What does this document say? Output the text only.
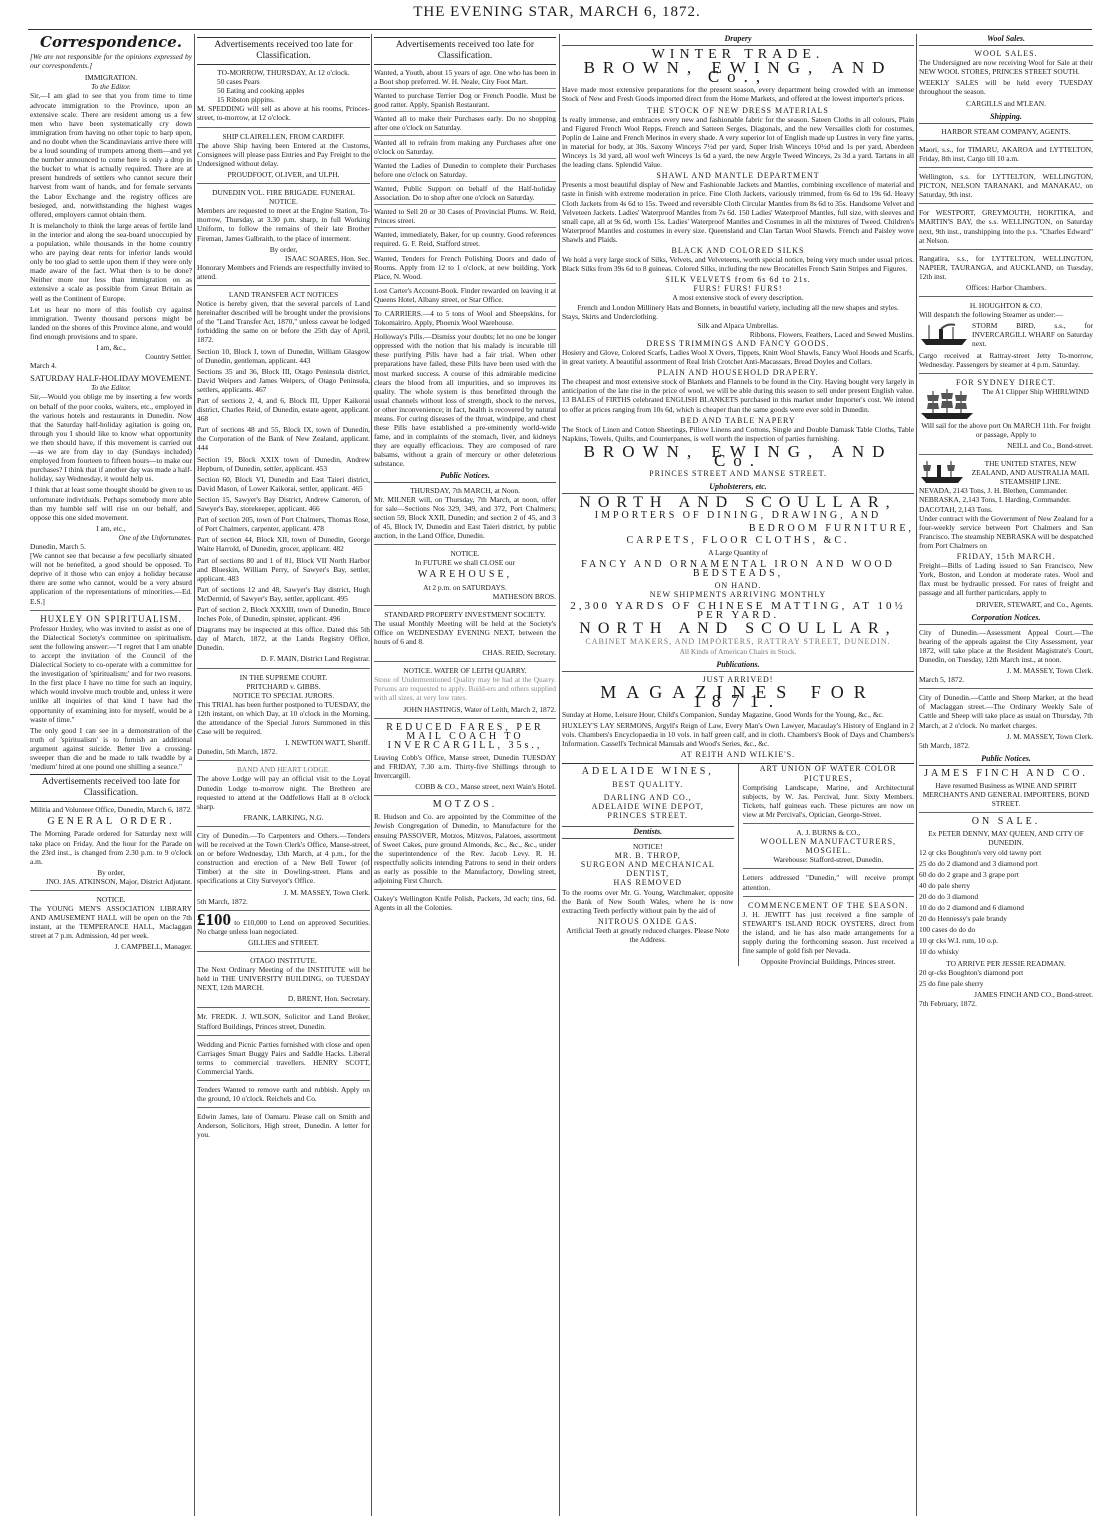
THE EVENING STAR, MARCH 6, 1872.
Correspondence.

[We are not responsible for the opinions expressed by our correspondents.]

IMMIGRATION.
To the Editor.

Sir,—I am glad to see that you from time to time advocate immigration to the Province, upon an extensive scale. There are resident among us a few men who have been systematically cry down immigration from having no other topic to harp upon, and no doubt when the Scandinavians arrive there will be a loud sounding of trumpets among them—and yet the number announced to come here is only a drop in the bucket to what is actually required. There are at present hundreds of settlers who cannot secure their harvest from want of hands, and for female servants the Labor Exchange and the registry offices are besieged, and, notwithstanding the highest wages offered, employers cannot obtain them.

It is melancholy to think the large areas of fertile land in the interior and along the sea-board unoccupied by a population, while thousands in the home country who are paying dear rents for inferior lands would only be too glad to settle upon them if they were only made aware of the fact. What then is to be done? Neither more nor less than immigration on as extensive a scale as possible from Great Britain as well as the Continent of Europe.

Let us hear no more of this foolish cry against immigration. Twenty thousand persons might be landed on the shores of this Province alone, and would find enough provisions and to spare.

I am, &c.,
Country Settler.
March 4.
SATURDAY HALF-HOLIDAY MOVEMENT.
To the Editor.

Sir,—Would you oblige me by inserting a few words on behalf of the poor cooks, waiters, etc., employed in the various hotels and restaurants in Dunedin. Now that the Saturday half-holiday agitation is going on, through you I should like to know what opportunity we then should have, if this movement is carried out—as we are from day to day (Sundays included) employed from fourteen to fifteen hours—to make our purchases? I think that if another day was made a half-holiday, say Wednesday, it would help us.

I think that at least some thought should be given to us unfortunate individuals. Perhaps somebody more able than my humble self will rise on our behalf, and oppose this one sided movement.

I am, etc.,
One of the Unfortunates.
Dunedin, March 5.

[We cannot see that because a few peculiarly situated will not be benefited, a good should be opposed. To deprive of it those who can enjoy a holiday because there are some who cannot, would be a very absurd application of the representations of minorities.—Ed. E.S.]

HUXLEY ON SPIRITUALISM.

Professor Huxley, who was invited to assist as one of the Dialectical Society's committee on spiritualism, sent the following answer:—"I regret that I am unable to accept the invitation of the Council of the Dialectical Society to co-operate with a committee for the investigation of 'spiritualism;' and for two reasons. In the first place I have no time for such an inquiry, which would involve much trouble and, unless it were unlike all inquiries of that kind I have had the opportunity of examining into for myself, would be a waste of time."

The only good I can see in a demonstration of the truth of 'spiritualism' is to furnish an additional argument against suicide. Better live a crossing-sweeper than die and be made to talk twaddle by a 'medium' hired at one pound one shilling a seance."

Advertisements received too late for Classification.
Militia and Volunteer Office, Dunedin, March 6, 1872.
GENERAL ORDER.

The Morning Parade ordered for Saturday next will take place on Friday. And the hour for the Parade on the 23rd inst., is changed from 2.30 p.m. to 9 o'clock a.m.

By order,
JNO. JAS. ATKINSON, Major, District Adjutant.
NOTICE.

The YOUNG MEN'S ASSOCIATION LIBRARY AND AMUSEMENT HALL will be open on the 7th instant, at the TEMPERANCE HALL, Maclaggan street at 7 p.m. Admission, 4d per week.

J. CAMPBELL, Manager.
Advertisements received too late for Classification.
TO-MORROW, THURSDAY, At 12 o'clock.
50 cases Pears
50 Eating and cooking apples
15 Ribston pippins.

M. SPEDDING will sell as above at his rooms, Princes-street, to-morrow, at 12 o'clock.

SHIP CLAIRELLEN, FROM CARDIFF.

The above Ship having been Entered at the Customs, Consignees will please pass Entries and Pay Freight to the Undersigned without delay.

PROUDFOOT, OLIVER, and ULPH.
DUNEDIN VOL. FIRE BRIGADE. FUNERAL NOTICE.

Members are requested to meet at the Engine Station, To-morrow, Thursday, at 3.30 p.m. sharp, in full Working Uniform, to follow the remains of their late Brother Fireman, James Galbraith, to the place of interment.

By order,
ISAAC SOARES, Hon. Sec.

Honorary Members and Friends are respectfully invited to attend.

LAND TRANSFER ACT NOTICES

Notice is hereby given, that the several parcels of Land hereinafter described will be brought under the provisions of the "Land Transfer Act, 1870," unless caveat be lodged forbidding the same on or before the 25th day of April, 1872.

Section 10, Block I, town of Dunedin, William Glasgow of Dunedin, gentleman, applicant. 443

Sections 35 and 36, Block III, Otago Peninsula district, David Weipers and James Weipers, of Otago Peninsula, settlers, applicants. 467

Part of sections 2, 4, and 6, Block III, Upper Kaikorai district, Charles Reid, of Dunedin, estate agent, applicant. 468

Part of sections 48 and 55, Block IX, town of Dunedin, the Corporation of the Bank of New Zealand, applicant. 444

Section 19, Block XXIX town of Dunedin, Andrew Hepburn, of Dunedin, settler, applicant. 453

Section 60, Block VI, Dunedin and East Taieri district, David Mason, of Lower Kaikorai, settler, applicant. 465

Section 15, Sawyer's Bay District, Andrew Cameron, of Sawyer's Bay, storekeeper, applicant. 466

Part of section 205, town of Port Chalmers, Thomas Rose, of Port Chalmers, carpenter, applicant. 478

Part of section 44, Block XII, town of Dunedin, George Waite Harrold, of Dunedin, grocer, applicant. 482

Part of sections 80 and 1 of 81, Block VII North Harbor and Blueskin, William Perry, of Sawyer's Bay, settler, applicant. 483

Part of sections 12 and 48, Sawyer's Bay district, Hugh McDermid, of Sawyer's Bay, settler, applicant. 495

Part of section 2, Block XXXIII, town of Dunedin, Bruce Inches Pole, of Dunedin, spinster, applicant. 496

Diagrams may be inspected at this office. Dated this 5th day of March, 1872, at the Lands Registry Office, Dunedin.

D. F. MAIN, District Land Registrar.
IN THE SUPREME COURT.
PRITCHARD v. GIBBS.
NOTICE TO SPECIAL JURORS.

This TRIAL has been further postponed to TUESDAY, the 12th instant, on which Day, at 10 o'clock in the Morning, the attendance of the Special Jurors Summoned in this Case will be required.

I. NEWTON WATT, Sheriff.
Dunedin, 5th March, 1872.
BAND AND HEART LODGE.

The above Lodge will pay an official visit to the Loyal Dunedin Lodge to-morrow night. The Brethren are requested to attend at the Oddfellows Hall at 8 o'clock sharp.

FRANK, LARKING, N.G.

City of Dunedin.—To Carpenters and Others.—Tenders will be received at the Town Clerk's Office, Manse-street, on or before Wednesday, 13th March, at 4 p.m., for the construction and erection of a New Bell Tower (of Timber) at the site in Dowling-street. Plans and specifications at City Surveyor's Office.

J. M. MASSEY, Town Clerk.
5th March, 1872.

£100 to £10,000 to Lend on approved Securities. No charge unless loan negociated.

GILLIES and STREET.
OTAGO INSTITUTE.

The Next Ordinary Meeting of the INSTITUTE will be held in THE UNIVERSITY BUILDING, on TUESDAY NEXT, 12th MARCH.

D. BRENT, Hon. Secretary.

Mr. FREDK. J. WILSON, Solicitor and Land Broker, Stafford Buildings, Princes street, Dunedin.

Wedding and Picnic Parties furnished with close and open Carriages Smart Buggy Pairs and Saddle Hacks. Liberal terms to commercial travellers. HENRY SCOTT, Commercial Yards.

Tenders Wanted to remove earth and rubbish. Apply on the ground, 10 o'clock. Reichels and Co.

Edwin James, late of Oamaru. Please call on Smith and Anderson, Solicitors, High street, Dunedin. A letter for you.

Advertisements received too late for Classification.

Wanted, a Youth, about 15 years of age. One who has been in a Boot shop preferred. W. H. Neale, City Foot Mart.

Wanted to purchase Terrier Dog or French Poodle. Must be good ratter. Apply, Spanish Restaurant.

Wanted all to make their Purchases early. Do no shopping after one o'clock on Saturday.

Wanted all to refrain from making any Purchases after one o'clock on Saturday.

Wanted the Ladies of Dunedin to complete their Purchases before one o'clock on Saturday.

Wanted, Public Support on behalf of the Half-holiday Association. Do to shop after one o'clock on Saturday.

Wanted to Sell 20 or 30 Cases of Provincial Plums. W. Reid, Princes street.

Wanted, immediately, Baker, for up country. Good references required. G. F. Reid, Stafford street.

Wanted, Tenders for French Polishing Doors and dado of Rooms. Apply from 12 to 1 o'clock, at new building, York Place, N. Wood.

Lost Carter's Account-Book. Finder rewarded on leaving it at Queens Hotel, Albany street, or Star Office.

To CARRIERS.—4 to 5 tons of Wool and Sheepskins, for Tokomairiro. Apply, Phoenix Wool Warehouse.

Holloway's Pills.—Dismiss your doubts; let no one be longer oppressed with the notion that his malady is incurable till these purifying Pills have had a fair trial. When other preparations have failed, these Pills have been used with the most marked success. A course of this admirable medicine clears the blood from all impurities, and so improves its quality. The whole system is thus benefitted through the usual channels without loss of strength, shock to the nerves, or other inconvenience; in fact, health is recovered by natural means. For curing diseases of the throat, windpipe, and chest these Pills have established a pre-eminently world-wide fame, and in complaints of the stomach, liver, and kidneys they are equally efficacious. They are composed of rare balsams, without a grain of mercury or other deleterious substance.

Public Notices.
THURSDAY, 7th MARCH, at Noon.

Mr. MILNER will, on Thursday, 7th March, at noon, offer for sale—Sections Nos 329, 349, and 372, Port Chalmers; section 59, Block XXII, Dunedin; and section 2 of 45, and 3 of 45, Block IV, Dunedin and East Taieri district, by public auction, in the Land Office, Dunedin.

NOTICE.
In FUTURE we shall CLOSE our
WAREHOUSE,
At 2 p.m. on SATURDAYS.
MATHESON BROS.
STANDARD PROPERTY INVESTMENT SOCIETY.

The usual Monthly Meeting will be held at the Society's Office on WEDNESDAY EVENING NEXT, between the hours of 6 and 8.

CHAS. REID, Secretary.
NOTICE. WATER OF LEITH QUARRY.

Stone of Undermentioned Quality may be had at the Quarry. Persons are requested to apply. Build-ers and others supplied with all sizes, at very low rates.

JOHN HASTINGS, Water of Leith, March 2, 1872.
REDUCED FARES, PER MAIL COACH TO INVERCARGILL, 35s.,

Leaving Cobb's Office, Manse street, Dunedin TUESDAY and FRIDAY, 7.30 a.m. Thirty-five Shillings through to Invercargill.

COBB & CO., Manse street, next Wain's Hotel.
MOTZOS.

R. Hudson and Co. are appointed by the Committee of the Jewish Congregation of Dunedin, to Manufacture for the ensuing PASSOVER, Motzos, Mitzvos, Palatoes, assortment of Sweet Cakes, pure ground Almonds, &c., &c., &c., under the superintendence of the Rev. Jacob Levy. R. H. respectfully solicits intending Patrons to send in their orders as early as possible to the Manufactory, Dowling street, adjoining First Church.

Oakey's Wellington Knife Polish, Packets, 3d each; tins, 6d. Agents in all the Colonies.

Drapery
WINTER TRADE.
BROWN, EWING, AND Co.,

Have made most extensive preparations for the present season, every department being crowded with an immense Stock of New and Fresh Goods imported direct from the Home Markets, and offered at the lowest importer's prices.

THE STOCK OF NEW DRESS MATERIALS

Is really immense, and embraces every new and fashionable fabric for the season. Sateen Cloths in all colours, Plain and Figured French Wool Repps, French and Satteen Serges, Diagonals, and the new Versailles cloth for costumes, Poplin de Laine and French Merinos in every shade. A very superior lot of English made up Lustres in very fine yarns, in material for body, at 30s. Saxony Winceys 7½d per yard, Super Irish Winceys 10½d and 1s per yard, Aberdeen Winceys 1s 3d yard, all wool weft Winceys 1s 6d a yard, the new Argyle Tweed Winceys, 2s 3d a yard. Tartans in all the leading clans. Splendid Value.

SHAWL AND MANTLE DEPARTMENT

Presents a most beautiful display of New and Fashionable Jackets and Mantles, combining excellence of material and taste in finish with extreme moderation in price. Fine Cloth Jackets, variously trimmed, from 6s 6d to 19s 6d. Heavy Cloth Jackets from 4s 6d to 15s. Tweed and reversible Cloth Circular Mantles from 8s 6d to 35s. Handsome Velvet and Velveteen Jackets. Ladies' Waterproof Mantles from 7s 6d. 150 Ladies' Waterproof Mantles, full size, with sleeves and small cape, all at 9s 6d, worth 15s. Ladies' Waterproof Mantles and Costumes in all the mixtures of Tweed. Children's Waterproof Mantles and costumes in every size. Queensland and Clan Tartan Wool Shawls. French and Paisley wove Shawls and Plaids.

BLACK AND COLORED SILKS

We hold a very large stock of Silks, Velvets, and Velveteens, worth special notice, being very much under usual prices. Black Silks from 39s 6d to 8 guineas. Colored Silks, including the new Brocatelles French Satin Stripes and Figures.

SILK VELVETS from 6s 6d to 21s.
FURS! FURS! FURS!
A most extensive stock of every description.
French and London Millinery Hats and Bonnets, in beautiful variety, including all the new shapes and styles.
Stays, Skirts and Underclothing.
Silk and Alpaca Umbrellas.
Ribbons, Flowers, Feathers, Laced and Sewed Muslins.
DRESS TRIMMINGS AND FANCY GOODS.

Hosiery and Glove, Colored Scarfs, Ladies Wool X Overs, Tippets, Knitt Wool Shawls, Fancy Wool Hoods and Scarfs, in great variety. A beautiful assortment of Real Irish Crotchet Anti-Macassars, Bread Doyles and Collars.

PLAIN AND HOUSEHOLD DRAPERY.

The cheapest and most extensive stock of Blankets and Flannels to be found in the City. Having bought very largely in anticipation of the late rise in the price of wool, we will be able during this season to sell under present English value. 13 BALES of FIRTHS celebrated ENGLISH BLANKETS purchased in this market under Importer's cost. We intend to offer at prices ranging from 10s 6d, which is cheaper than the same goods were ever sold in Dunedin.

BED AND TABLE NAPERY

The Stock of Linen and Cotton Sheetings, Pillow Linens and Cottons, Single and Double Damask Table Cloths, Table Napkins, Towels, Quilts, and Counterpanes, is well worth the inspection of parties furnishing.

BROWN, EWING, AND Co.
PRINCES STREET AND MANSE STREET.
Upholsterers, etc.
NORTH AND SCOULLAR,
IMPORTERS OF DINING, DRAWING, AND
BEDROOM FURNITURE,
CARPETS, FLOOR CLOTHS, &C.
A Large Quantity of
FANCY AND ORNAMENTAL IRON AND WOOD BEDSTEADS,
ON HAND.
NEW SHIPMENTS ARRIVING MONTHLY
2,300 YARDS OF CHINESE MATTING, AT 10½ PER YARD.
NORTH AND SCOULLAR,
CABINET MAKERS, AND IMPORTERS, RATTRAY STREET, DUNEDIN.
All Kinds of American Chairs in Stock.
Publications.
JUST ARRIVED!
MAGAZINES FOR 1871.

Sunday at Home, Leisure Hour, Child's Companion, Sunday Magazine, Good Words for the Young, &c., &c.

HUXLEY'S LAY SERMONS, Argyll's Reign of Law, Every Man's Own Lawyer, Macaulay's History of England in 2 vols. Chambers's Encyclopaedia in 10 vols. in half green calf, and in cloth. Chambers's Book of Days and Chambers's Information. Cassell's Technical Manuals and Wood's Series, &c., &c.

AT REITH AND WILKIE'S.
ADELAIDE WINES,
BEST QUALITY.
DARLING AND CO.,
ADELAIDE WINE DEPOT,
PRINCES STREET.
Dentists.
NOTICE!
MR. B. THROP,
SURGEON AND MECHANICAL DENTIST,
HAS REMOVED

To the rooms over Mr. G. Young, Watchmaker, opposite the Bank of New South Wales, where he is now extracting Teeth perfectly without pain by the aid of

NITROUS OXIDE GAS.
Artificial Teeth at greatly reduced charges. Please Note the Address.
ART UNION OF WATER COLOR PICTURES,

Comprising Landscape, Marine, and Architectural subjects, by W. Jas. Percival, Junr. Sixty Members. Tickets, half guineas each. These pictures are now on view at Mr Percival's, Optician, George-Street.

A. J. BURNS & CO.,
WOOLLEN MANUFACTURERS, MOSGIEL.
Warehouse: Stafford-street, Dunedin.

Letters addressed "Dunedin," will receive prompt attention.

COMMENCEMENT OF THE SEASON.

J. H. JEWITT has just received a fine sample of STEWART'S ISLAND ROCK OYSTERS, direct from the island, and he has also made arrangements for a supply during the forthcoming season. Just received a fine sample of gold fish per Nevada.

Opposite Provincial Buildings, Princes street.
Wool Sales.
WOOL SALES.

The Undersigned are now receiving Wool for Sale at their NEW WOOL STORES, PRINCES STREET SOUTH.

WEEKLY SALES will be held every TUESDAY throughout the season.

CARGILLS and M'LEAN.
Shipping.
HARBOR STEAM COMPANY, AGENTS.

Maori, s.s., for TIMARU, AKAROA and LYTTELTON, Friday, 8th inst, Cargo till 10 a.m.

Wellington, s.s. for LYTTELTON, WELLINGTON, PICTON, NELSON TARANAKI, and MANAKAU, on Saturday, 9th inst.

For WESTPORT, GREYMOUTH, HOKITIKA, and MARTIN'S BAY, the s.s. WELLINGTON, on Saturday next, 9th inst., transhipping into the p.s. "Charles Edward" at Nelson.

Rangatira, s.s., for LYTTELTON, WELLINGTON, NAPIER, TAURANGA, and AUCKLAND, on Tuesday, 12th inst.

Offices: Harbor Chambers.
H. HOUGHTON & CO.

Will despatch the following Steamer as under:—

STORM BIRD, s.s., for INVERCARGILL WHARF on Saturday next.

Cargo received at Rattray-street Jetty To-morrow, Wednesday. Passengers by steamer at 4 p.m. Saturday.

FOR SYDNEY DIRECT.
The A1 Clipper Ship WHIRLWIND

Will sail for the above port On MARCH 11th. For freight or passage, Apply to

NEILL and Co., Bond-street.
THE UNITED STATES, NEW ZEALAND, AND AUSTRALIA MAIL STEAMSHIP LINE.
NEVADA, 2143 Tons, J. H. Blethen, Commander.
NEBRASKA, 2,143 Tons, I. Harding, Commander.
DACOTAH, 2,143 Tons.

Under contract with the Government of New Zealand for a four-weekly service between Port Chalmers and San Francisco. The steamship NEBRASKA will be despatched from Port Chalmers on

FRIDAY, 15th MARCH.

Freight—Bills of Lading issued to San Francisco, New York, Boston, and London at moderate rates. Wool and flax must be hydraulic pressed. For rates of freight and passage and all further particulars, apply to

DRIVER, STEWART, and Co., Agents.
Corporation Notices.

City of Dunedin.—Assessment Appeal Court.—The hearing of the appeals against the City Assessment, year 1872, will take place at the Resident Magistrate's Court, Dunedin, on Tuesday, 12th March inst., at noon.

J. M. MASSEY, Town Clerk.
March 5, 1872.

City of Dunedin.—Cattle and Sheep Market, at the head of Maclaggan street.—The Ordinary Weekly Sale of Cattle and Sheep will take place as usual on Thursday, 7th March, at 2 o'clock. No market charges.

J. M. MASSEY, Town Clerk.
5th March, 1872.
Public Notices.
JAMES FINCH AND CO.
Have resumed Business as WINE AND SPIRIT MERCHANTS AND GENERAL IMPORTERS, BOND STREET.
ON SALE.
Ex PETER DENNY, MAY QUEEN, AND CITY OF DUNEDIN.

12 qr cks Boughton's very old tawny port

25 do do 2 diamond and 3 diamond port

60 do do 2 grape and 3 grape port

40 do pale sherry

20 do do 3 diamond

10 do do 2 diamond and 6 diamond

20 do Hennessy's pale brandy

100 cases do do do

10 qr cks W.I. rum, 10 o.p.

10 do whisky

TO ARRIVE PER JESSIE READMAN.

20 qr-cks Boughton's diamond port

25 do fine pale sherry

JAMES FINCH AND CO., Bond-street.
7th February, 1872.
